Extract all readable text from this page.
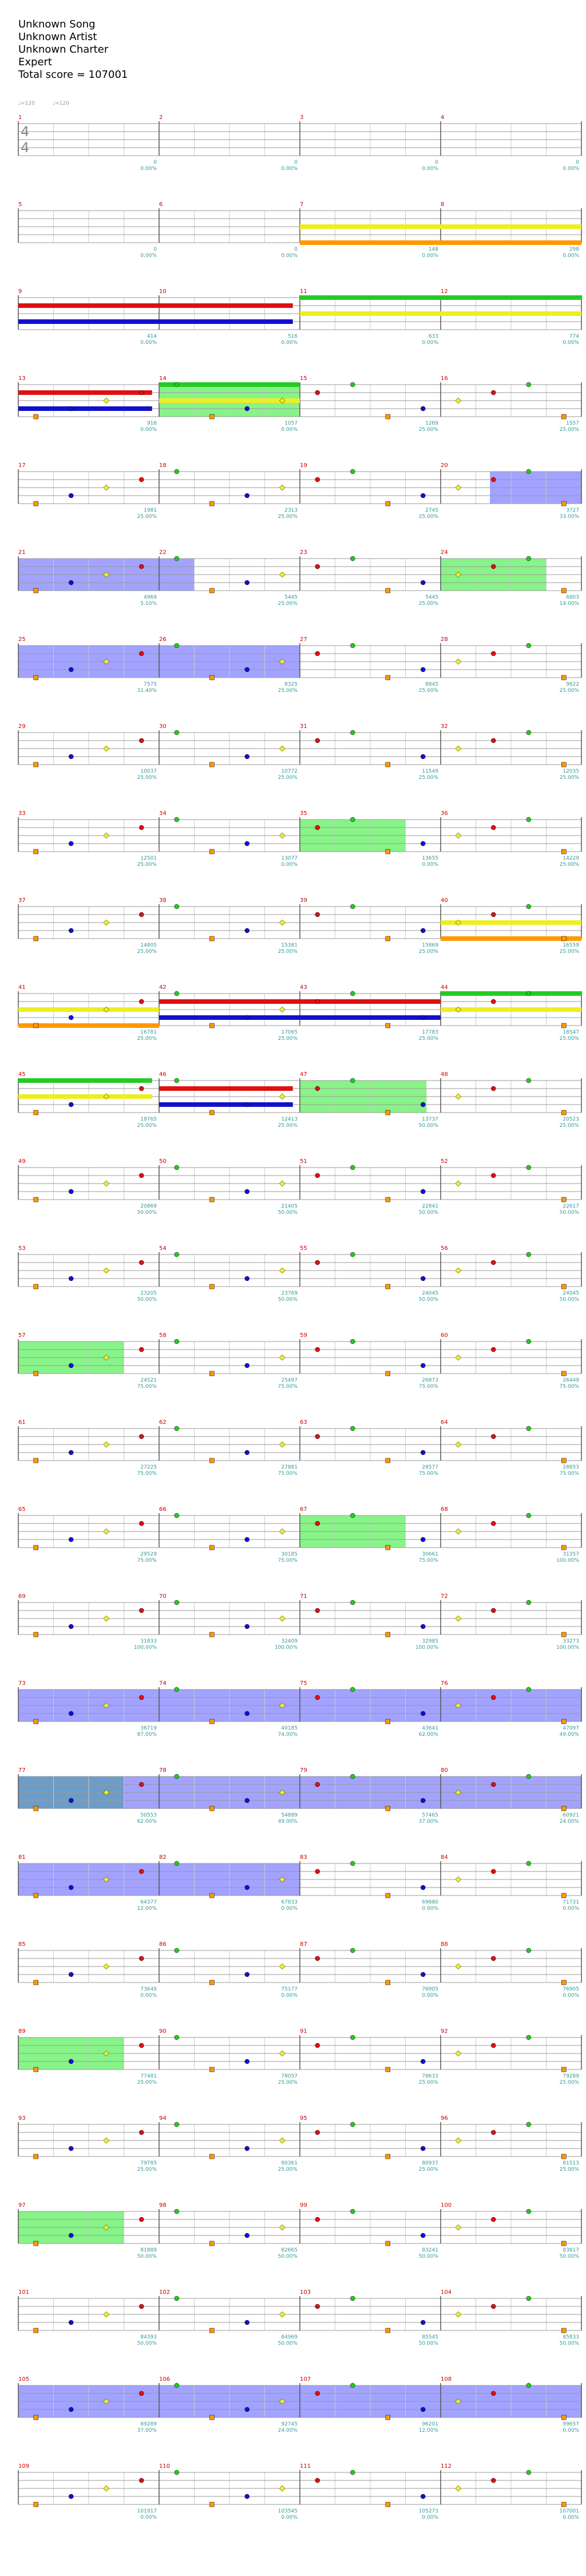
Unknown Song
Unknown Artist
Unknown Charter
Expert
Total score = 107001
♩=120	♩=120
1
0
0.00%
2
0
0.00%
3
0
0.00%
4
0
0.00%
5
0
0.00%
6
0
0.00%
7
148
0.00%
8
298
0.00%
9
414
0.00%
10
516
0.00%
11
633
0.00%
12
774
0.00%
13
916
0.00%
14
1057
0.00%
15
1269
25.00%
16
1557
25.00%
17
1981
25.00%
18
2313
25.00%
19
2745
25.00%
20
3727
33.00%
21
4969
5.10%
22
5445
25.00%
23
5445
25.00%
24
6803
14.00%
25
7575
31.40%
26
8325
25.00%
27
8845
25.00%
28
9622
25.00%
29
10037
25.00%
30
10772
25.00%
31
11549
25.00%
32
12035
25.00%
33
12501
25.00%
34
13077
0.00%
35
13655
0.00%
36
14229
25.00%
37
14805
25.00%
38
15381
25.00%
39
15869
25.00%
40
16559
25.00%
41
16781
25.00%
42
17065
25.00%
43
17783
25.00%
44
18547
25.00%
45
18765
25.00%
46
12413
25.00%
47
13737
50.00%
48
20523
25.00%
49
20869
50.00%
50
21405
50.00%
51
22841
50.00%
52
22617
50.00%
53
23205
50.00%
54
23769
50.00%
55
24045
50.00%
56
24045
50.00%
57
24521
75.00%
58
25497
75.00%
59
26873
75.00%
60
26449
75.00%
61
27225
75.00%
62
27881
75.00%
63
28577
75.00%
64
28853
75.00%
65
29529
75.00%
66
30185
75.00%
67
30661
75.00%
68
31357
100.00%
69
31833
100.00%
70
32409
100.00%
71
32985
100.00%
72
33273
100.00%
73
36719
87.00%
74
40185
74.00%
75
43641
62.00%
76
47097
49.00%
77
50553
62.00%
78
54889
49.00%
79
57465
37.00%
80
60921
24.00%
81
64377
12.00%
82
67833
0.00%
83
69880
0.00%
84
71731
0.00%
85
73649
0.00%
86
75177
0.00%
87
76905
0.00%
88
76905
0.00%
89
77481
25.00%
90
78057
25.00%
91
78633
25.00%
92
79289
25.00%
93
79785
25.00%
94
80361
25.00%
95
80937
25.00%
96
81513
25.00%
97
81889
50.00%
98
82665
50.00%
99
83241
50.00%
100
83817
50.00%
101
84393
50.00%
102
84969
50.00%
103
85545
50.00%
104
85833
50.00%
105
89289
37.00%
106
92745
24.00%
107
96201
12.00%
108
99657
0.00%
109
101917
0.00%
110
103545
0.00%
111
105273
0.00%
112
107001
0.00%
4
4
